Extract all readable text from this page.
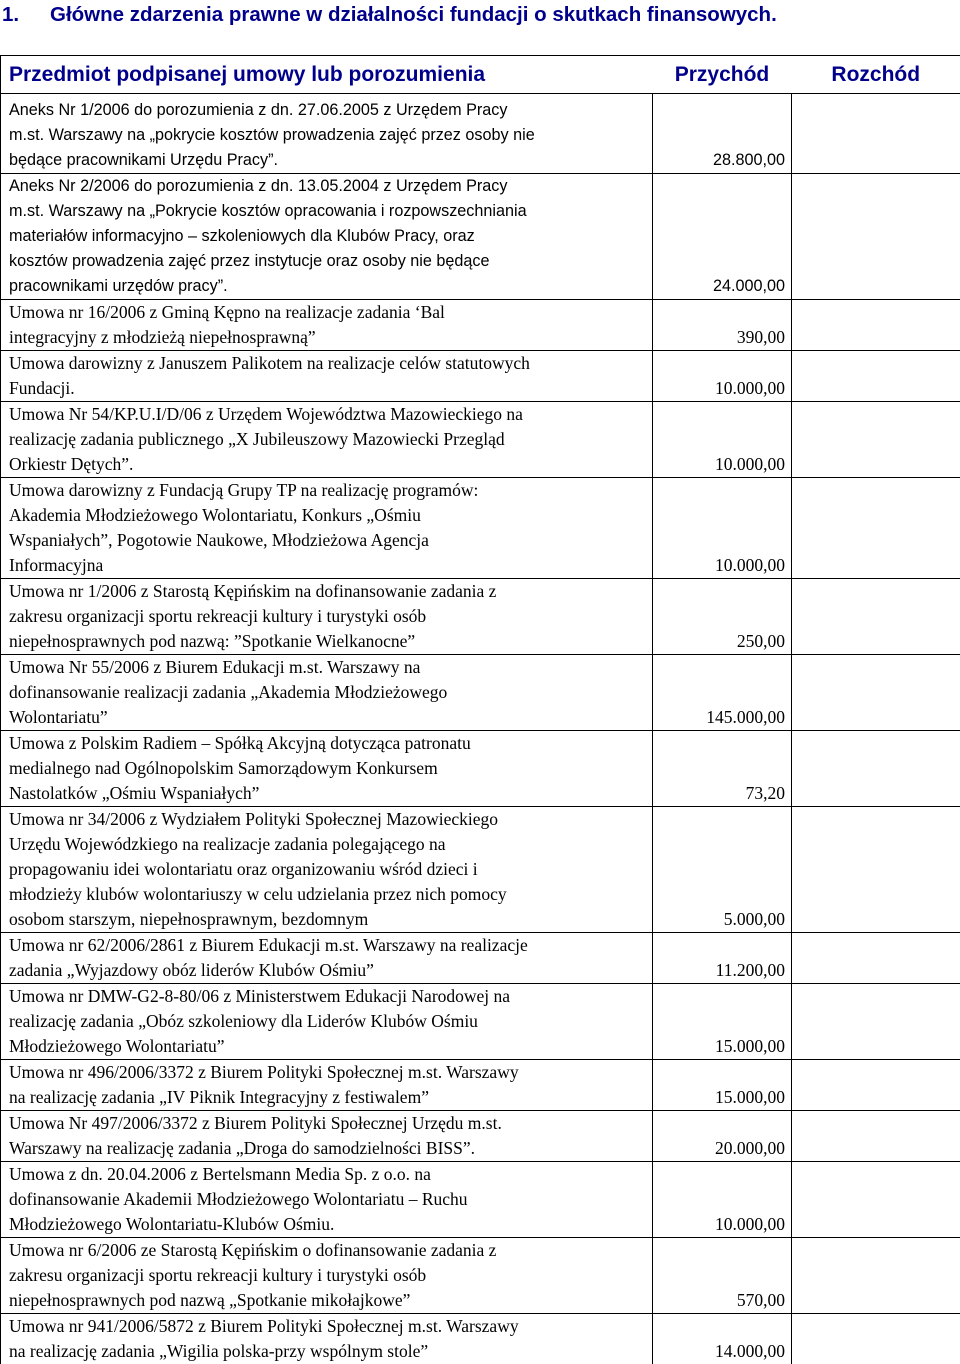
1. Główne zdarzenia prawne w działalności fundacji o skutkach finansowych.
Przedmiot podpisanej umowy lub porozumienia	Przychód	Rozchód

Aneks Nr 1/2006 do porozumienia z dn. 27.06.2005 z Urzędem Pracy
m.st. Warszawy na „pokrycie kosztów prowadzenia zajęć przez osoby nie
będące pracownikami Urzędu Pracy”.	28.800,00	

Aneks Nr 2/2006 do porozumienia z dn. 13.05.2004 z Urzędem Pracy
m.st. Warszawy na „Pokrycie kosztów opracowania i rozpowszechniania
materiałów informacyjno – szkoleniowych dla Klubów Pracy, oraz
kosztów prowadzenia zajęć przez instytucje oraz osoby nie będące
pracownikami urzędów pracy”.	24.000,00	

Umowa nr 16/2006 z Gminą Kępno na realizacje zadania ‘Bal
integracyjny z młodzieżą niepełnosprawną”	390,00	

Umowa darowizny z Januszem Palikotem na realizacje celów statutowych
Fundacji.	10.000,00	

Umowa Nr 54/KP.U.I/D/06 z Urzędem Województwa Mazowieckiego na
realizację zadania publicznego „X Jubileuszowy Mazowiecki Przegląd
Orkiestr Dętych”.	10.000,00	

Umowa darowizny z Fundacją Grupy TP na realizację programów:
Akademia Młodzieżowego Wolontariatu, Konkurs „Ośmiu
Wspaniałych”, Pogotowie Naukowe, Młodzieżowa Agencja
Informacyjna	10.000,00	

Umowa nr 1/2006 z Starostą Kępińskim na dofinansowanie zadania z
zakresu organizacji sportu rekreacji kultury i turystyki osób
niepełnosprawnych pod nazwą: ”Spotkanie Wielkanocne”	250,00	

Umowa Nr 55/2006 z Biurem Edukacji m.st. Warszawy na
dofinansowanie realizacji zadania „Akademia Młodzieżowego
Wolontariatu”	145.000,00	

Umowa z Polskim Radiem – Spółką Akcyjną dotycząca patronatu
medialnego nad Ogólnopolskim Samorządowym Konkursem
Nastolatków „Ośmiu Wspaniałych”	73,20	

Umowa nr 34/2006 z Wydziałem Polityki Społecznej Mazowieckiego
Urzędu Wojewódzkiego na realizacje zadania polegającego na
propagowaniu idei wolontariatu oraz organizowaniu wśród dzieci i
młodzieży klubów wolontariuszy w celu udzielania przez nich pomocy
osobom starszym, niepełnosprawnym, bezdomnym	5.000,00	

Umowa nr 62/2006/2861 z Biurem Edukacji m.st. Warszawy na realizacje
zadania „Wyjazdowy obóz liderów Klubów Ośmiu”	11.200,00	

Umowa nr DMW-G2-8-80/06 z Ministerstwem Edukacji Narodowej na
realizację zadania „Obóz szkoleniowy dla Liderów Klubów Ośmiu
Młodzieżowego Wolontariatu”	15.000,00	

Umowa nr 496/2006/3372 z Biurem Polityki Społecznej m.st. Warszawy
na realizację zadania „IV Piknik Integracyjny z festiwalem”	15.000,00	

Umowa Nr 497/2006/3372 z Biurem Polityki Społecznej Urzędu m.st.
Warszawy na realizację zadania „Droga do samodzielności BISS”.	20.000,00	

Umowa z dn. 20.04.2006 z Bertelsmann Media Sp. z o.o. na
dofinansowanie Akademii Młodzieżowego Wolontariatu – Ruchu
Młodzieżowego Wolontariatu-Klubów Ośmiu.	10.000,00	

Umowa nr 6/2006 ze Starostą Kępińskim o dofinansowanie zadania z
zakresu organizacji sportu rekreacji kultury i turystyki osób
niepełnosprawnych pod nazwą „Spotkanie mikołajkowe”	570,00	

Umowa nr 941/2006/5872 z Biurem Polityki Społecznej m.st. Warszawy
na realizację zadania „Wigilia polska-przy wspólnym stole”	14.000,00	
